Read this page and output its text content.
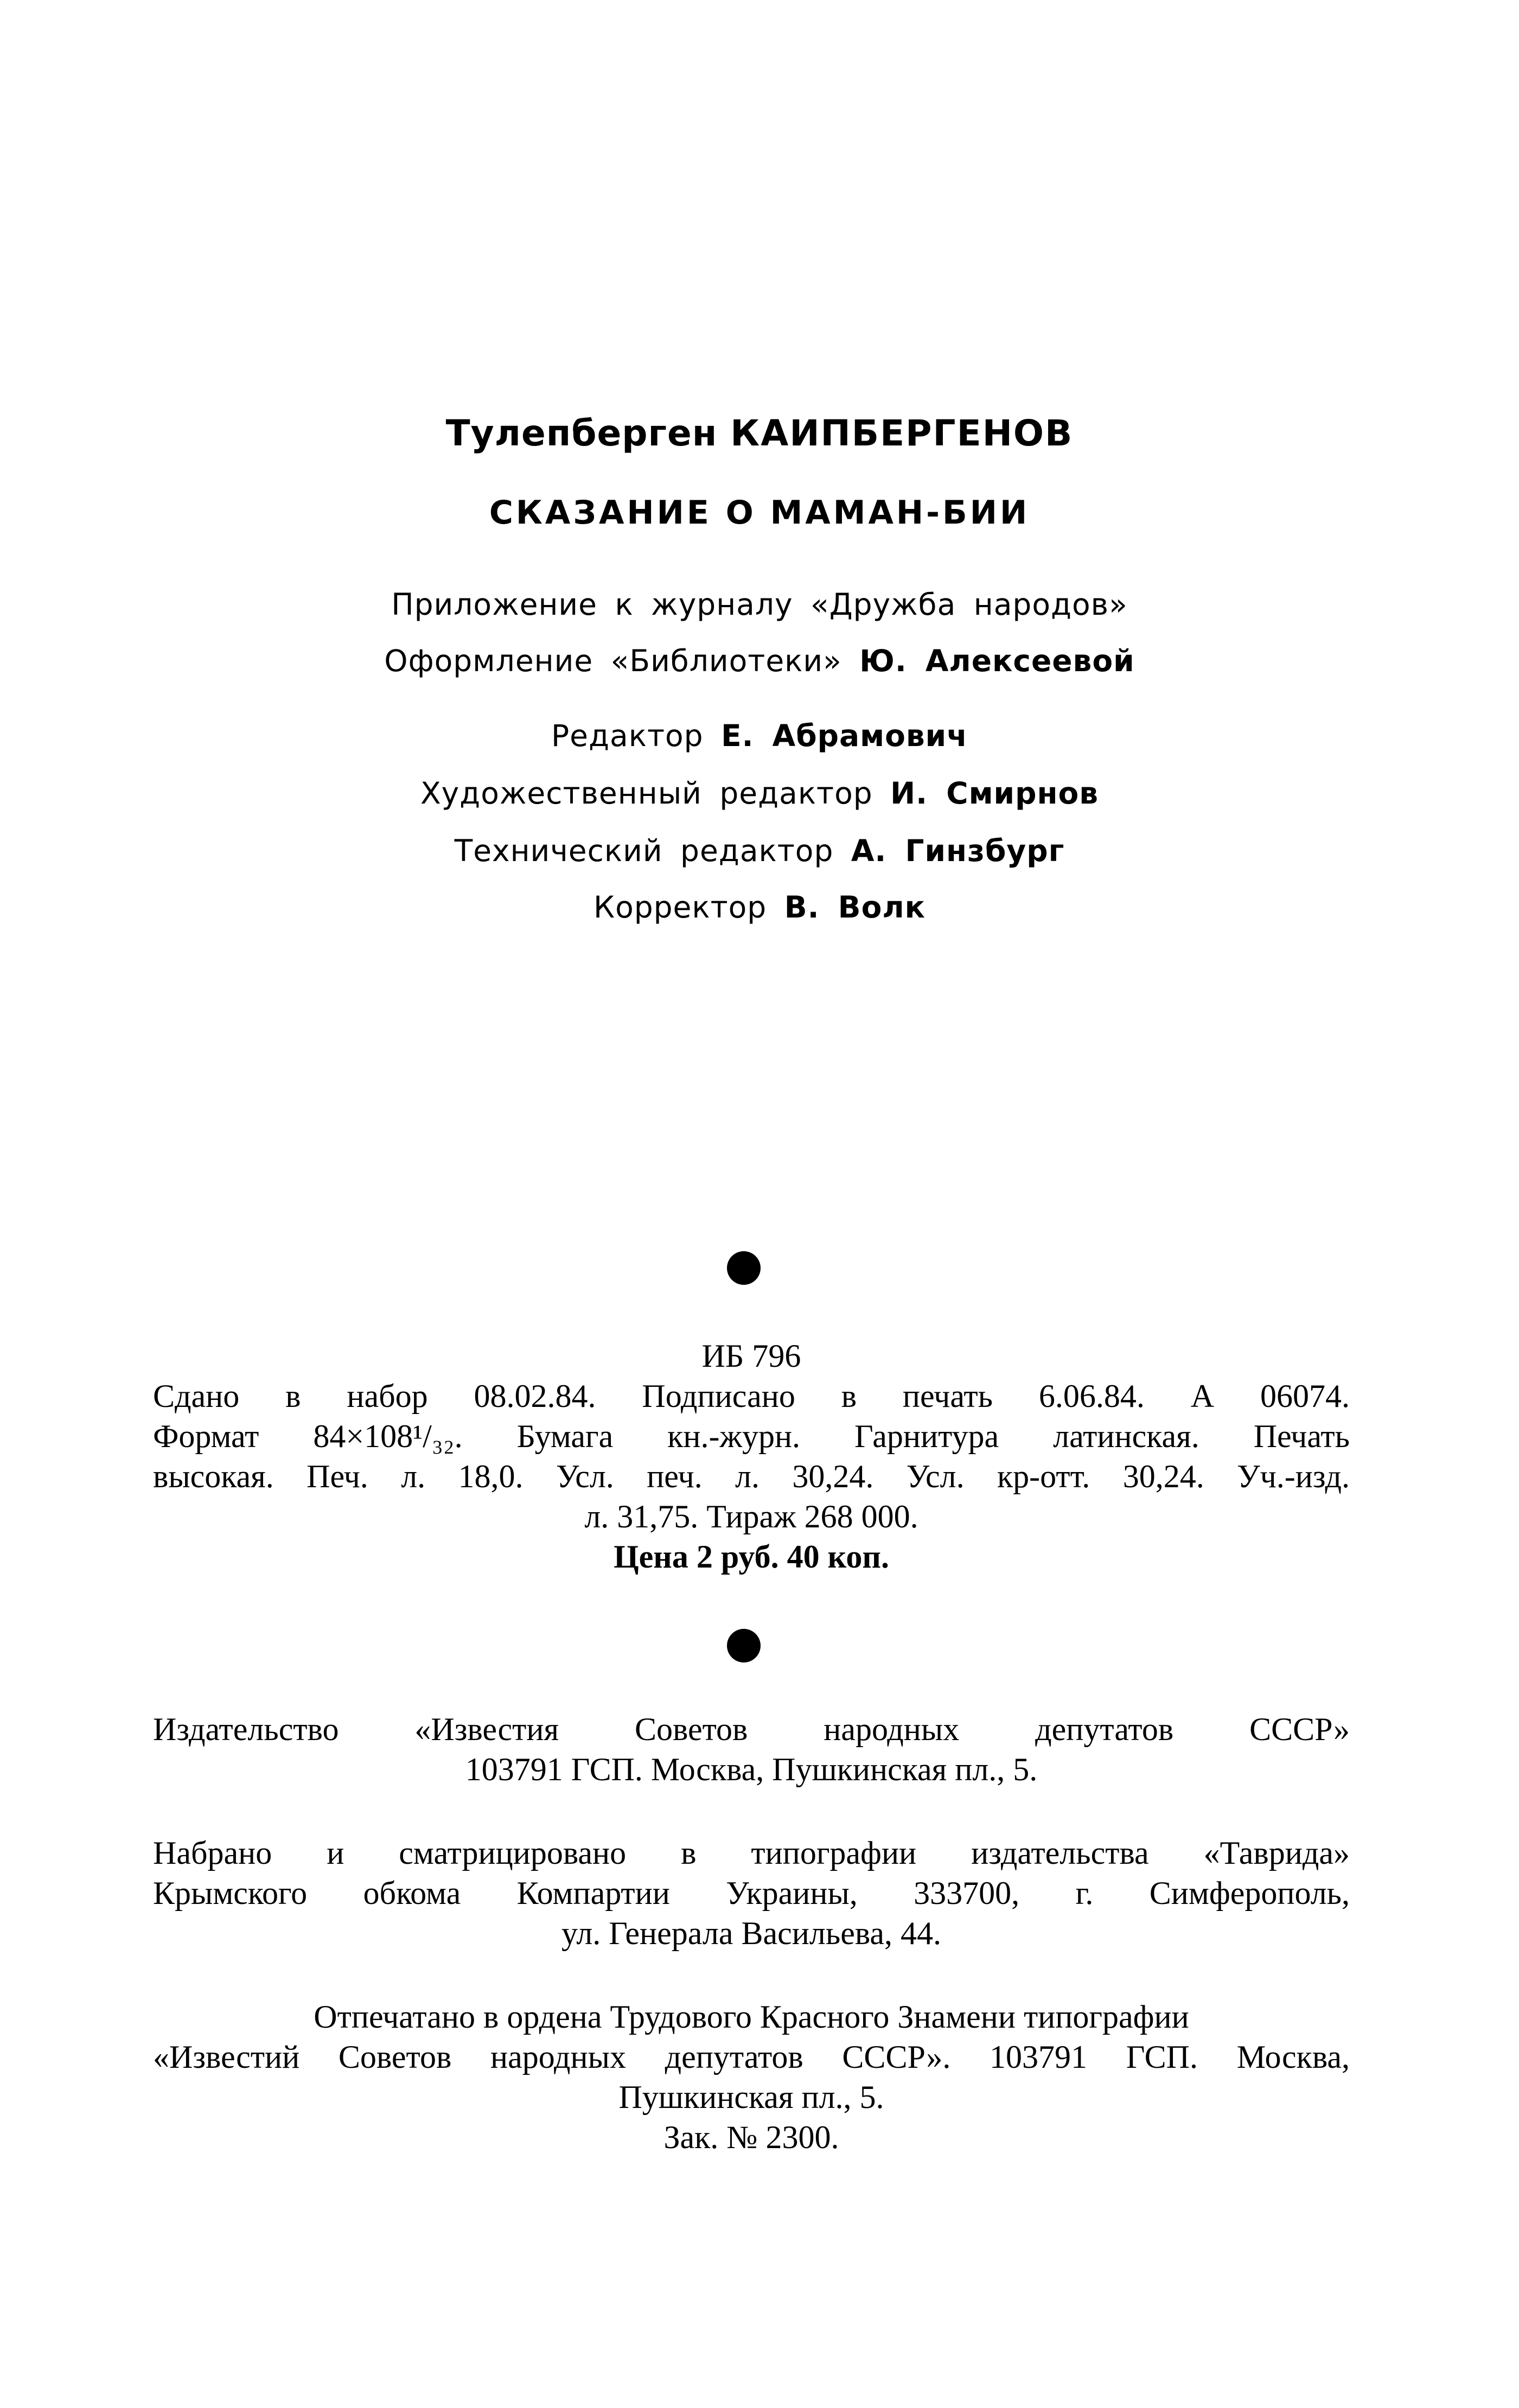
Тулепберген КАИПБЕРГЕНОВ
СКАЗАНИЕ О МАМАН-БИИ
Приложение к журналу «Дружба народов»
Оформление «Библиотеки» Ю. Алексеевой
Редактор Е. Абрамович
Художественный редактор И. Смирнов
Технический редактор А. Гинзбург
Корректор В. Волк
ИБ 796
Сдано в набор 08.02.84. Подписано в печать 6.06.84. А 06074.
Формат 84×108¹/₃₂. Бумага кн.-журн. Гарнитура латинская. Печать
высокая. Печ. л. 18,0. Усл. печ. л. 30,24. Усл. кр-отт. 30,24. Уч.-изд.
л. 31,75. Тираж 268 000.
Цена 2 руб. 40 коп.
Издательство «Известия Советов народных депутатов СССР»
103791 ГСП. Москва, Пушкинская пл., 5.
Набрано и сматрицировано в типографии издательства «Таврида»
Крымского обкома Компартии Украины, 333700, г. Симферополь,
ул. Генерала Васильева, 44.
Отпечатано в ордена Трудового Красного Знамени типографии
«Известий Советов народных депутатов СССР». 103791 ГСП. Москва,
Пушкинская пл., 5.
Зак. № 2300.
